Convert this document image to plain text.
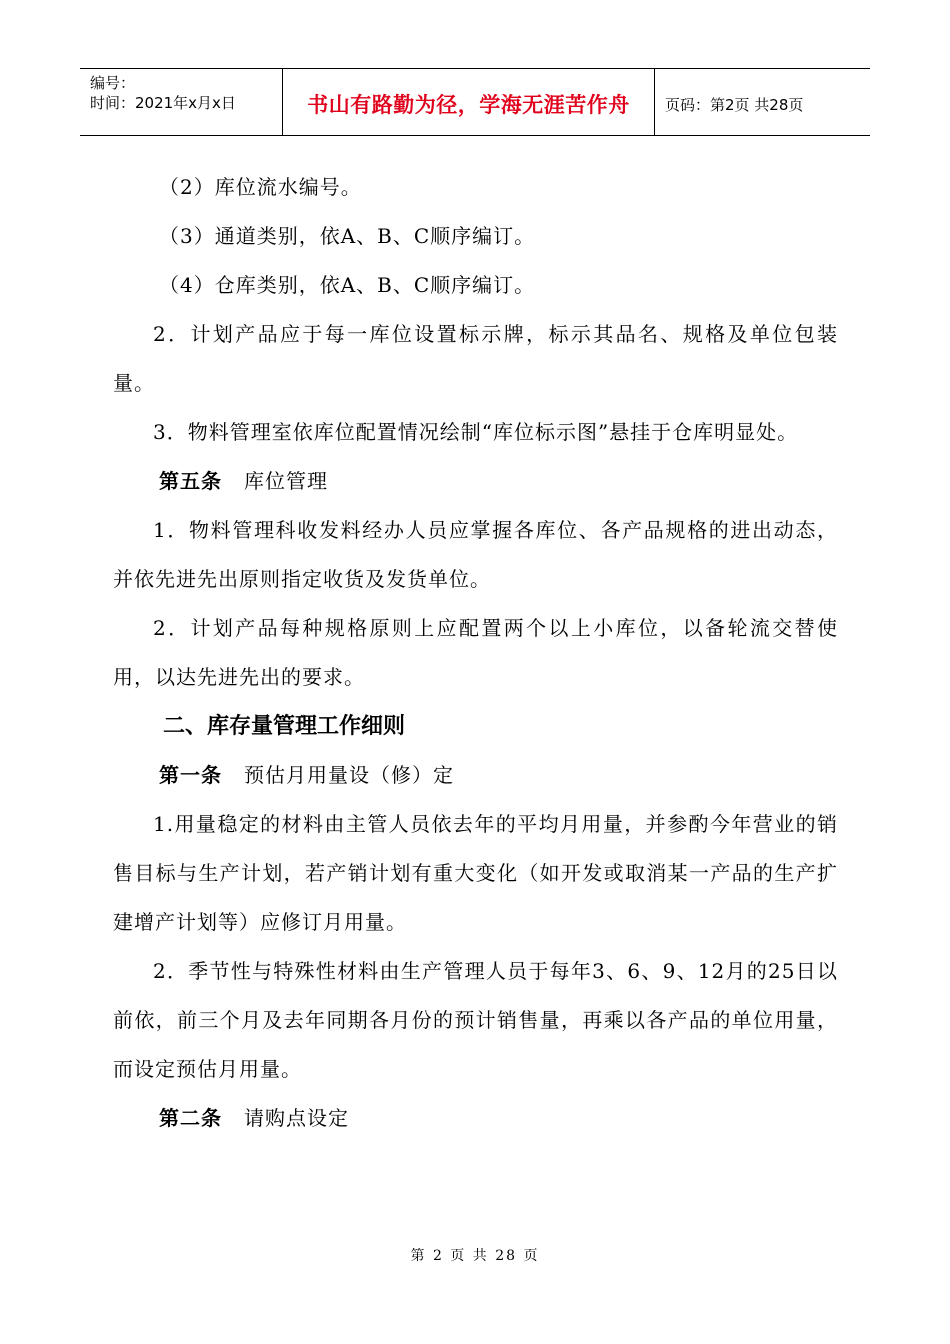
编号：
时间：2021年x月x日	书山有路勤为径，学海无涯苦作舟 页码：第2页 共28页

（2）库位流水编号。

（3）通道类别，依A、B、C顺序编订。

（4）仓库类别，依A、B、C顺序编订。

2．计划产品应于每一库位设置标示牌，标示其品名、规格及单位包装量。

3．物料管理室依库位配置情况绘制“库位标示图”悬挂于仓库明显处。

第五条 库位管理

1．物料管理科收发料经办人员应掌握各库位、各产品规格的进出动态，并依先进先出原则指定收货及发货单位。

2．计划产品每种规格原则上应配置两个以上小库位，以备轮流交替使用，以达先进先出的要求。

二、库存量管理工作细则

第一条 预估月用量设（修）定

1.用量稳定的材料由主管人员依去年的平均月用量，并参酌今年营业的销售目标与生产计划，若产销计划有重大变化（如开发或取消某一产品的生产扩建增产计划等）应修订月用量。

2．季节性与特殊性材料由生产管理人员于每年3、6、9、12月的25日以前依，前三个月及去年同期各月份的预计销售量，再乘以各产品的单位用量，而设定预估月用量。

第二条 请购点设定

第 2 页 共 28 页
